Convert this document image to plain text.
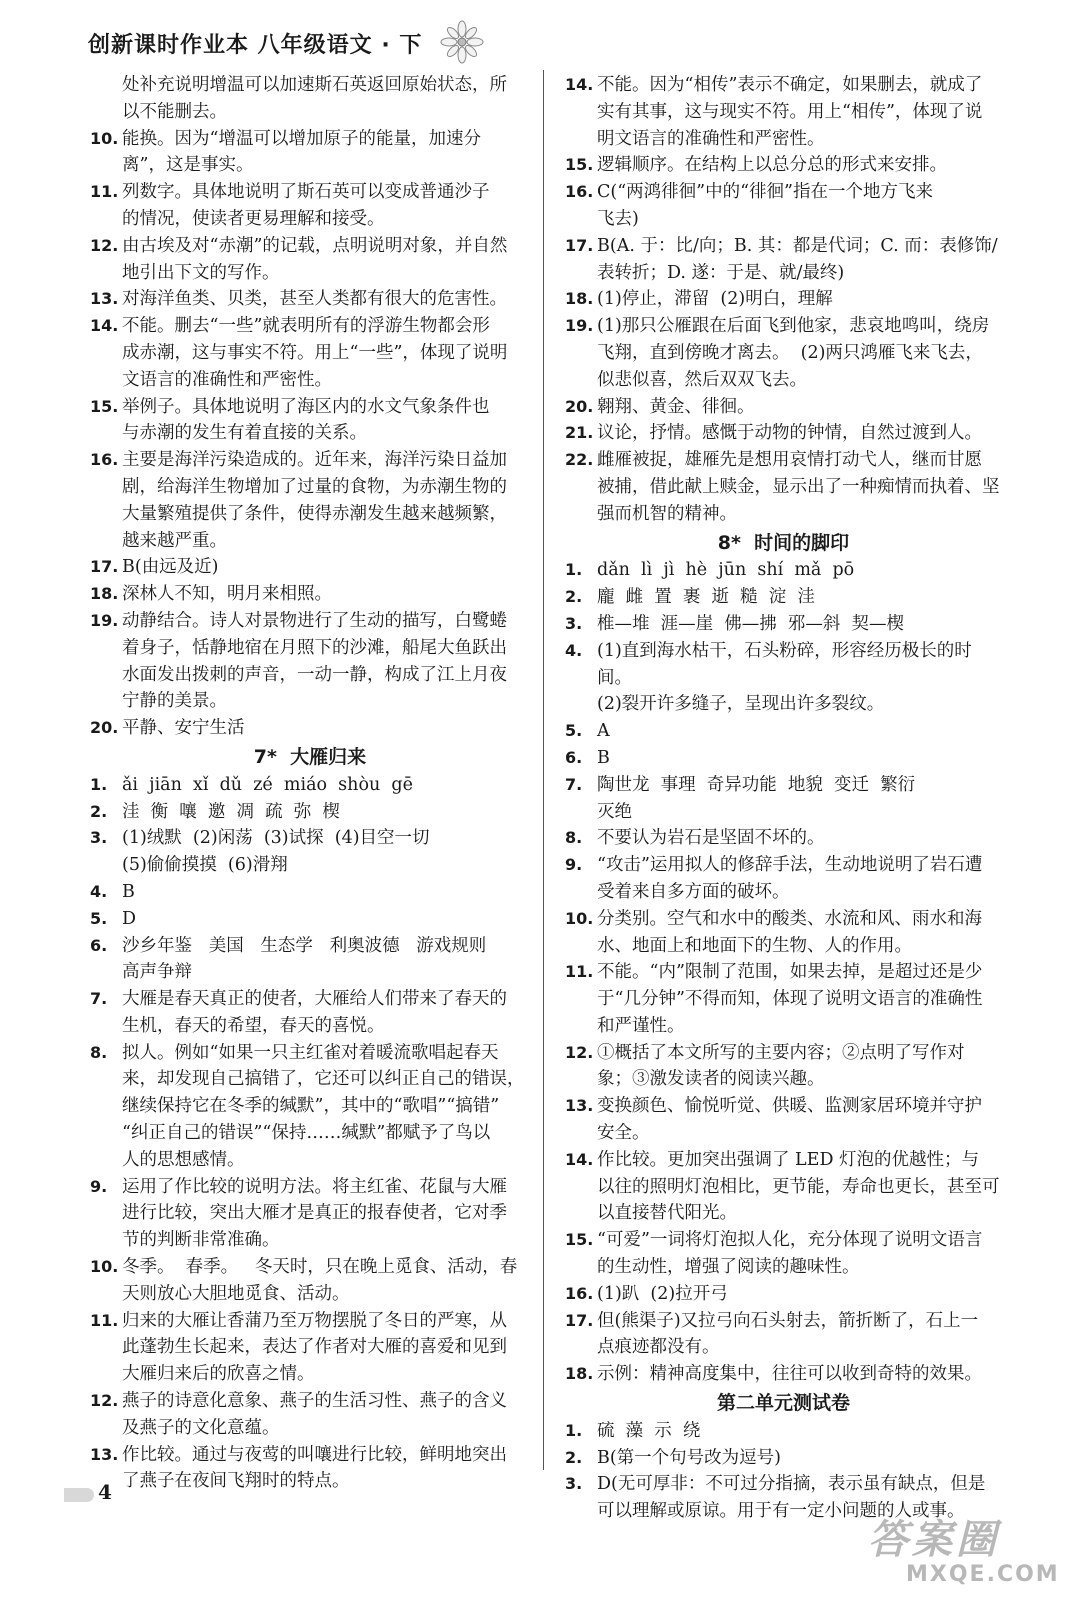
创新课时作业本 八年级语文 · 下
处补充说明增温可以加速斯石英返回原始状态，所
以不能删去。
10. 能换。因为“增温可以增加原子的能量，加速分
离”，这是事实。
11. 列数字。具体地说明了斯石英可以变成普通沙子
的情况，使读者更易理解和接受。
12. 由古埃及对“赤潮”的记载，点明说明对象，并自然
地引出下文的写作。
13. 对海洋鱼类、贝类，甚至人类都有很大的危害性。
14. 不能。删去“一些”就表明所有的浮游生物都会形
成赤潮，这与事实不符。用上“一些”，体现了说明
文语言的准确性和严密性。
15. 举例子。具体地说明了海区内的水文气象条件也
与赤潮的发生有着直接的关系。
16. 主要是海洋污染造成的。近年来，海洋污染日益加
剧，给海洋生物增加了过量的食物，为赤潮生物的
大量繁殖提供了条件，使得赤潮发生越来越频繁，
越来越严重。
17. B(由远及近)
18. 深林人不知，明月来相照。
19. 动静结合。诗人对景物进行了生动的描写，白鹭蜷
着身子，恬静地宿在月照下的沙滩，船尾大鱼跃出
水面发出拨刺的声音，一动一静，构成了江上月夜
宁静的美景。
20. 平静、安宁生活
7*  大雁归来
1. ǎi  jiān  xǐ  dǔ  zé  miáo  shòu  gē
2. 洼  衡  嚷  邀  凋  疏  弥  楔
3. (1)绒默  (2)闲荡  (3)试探  (4)目空一切
(5)偷偷摸摸  (6)滑翔
4. B
5. D
6. 沙乡年鉴   美国   生态学   利奥波德   游戏规则
高声争辩
7. 大雁是春天真正的使者，大雁给人们带来了春天的
生机，春天的希望，春天的喜悦。
8. 拟人。例如“如果一只主红雀对着暖流歌唱起春天
来，却发现自己搞错了，它还可以纠正自己的错误，
继续保持它在冬季的缄默”，其中的“歌唱”“搞错”
“纠正自己的错误”“保持……缄默”都赋予了鸟以
人的思想感情。
9. 运用了作比较的说明方法。将主红雀、花鼠与大雁
进行比较，突出大雁才是真正的报春使者，它对季
节的判断非常准确。
10. 冬季。  春季。   冬天时，只在晚上觅食、活动，春
天则放心大胆地觅食、活动。
11. 归来的大雁让香蒲乃至万物摆脱了冬日的严寒，从
此蓬勃生长起来，表达了作者对大雁的喜爱和见到
大雁归来后的欣喜之情。
12. 燕子的诗意化意象、燕子的生活习性、燕子的含义
及燕子的文化意蕴。
13. 作比较。通过与夜莺的叫嚷进行比较，鲜明地突出
了燕子在夜间飞翔时的特点。
14. 不能。因为“相传”表示不确定，如果删去，就成了
实有其事，这与现实不符。用上“相传”，体现了说
明文语言的准确性和严密性。
15. 逻辑顺序。在结构上以总分总的形式来安排。
16. C(“两鸿徘徊”中的“徘徊”指在一个地方飞来
飞去)
17. B(A. 于：比/向；B. 其：都是代词；C. 而：表修饰/
表转折；D. 遂：于是、就/最终)
18. (1)停止，滞留  (2)明白，理解
19. (1)那只公雁跟在后面飞到他家，悲哀地鸣叫，绕房
飞翔，直到傍晚才离去。  (2)两只鸿雁飞来飞去，
似悲似喜，然后双双飞去。
20. 翱翔、黄金、徘徊。
21. 议论，抒情。感慨于动物的钟情，自然过渡到人。
22. 雌雁被捉，雄雁先是想用哀情打动弋人，继而甘愿
被捕，借此献上赎金，显示出了一种痴情而执着、坚
强而机智的精神。
8*  时间的脚印
1. dǎn  lì  jì  hè  jūn  shí  mǎ  pō
2. 龐  雌  置  裹  逝  糙  淀  洼
3. 椎—堆  涯—崖  佛—拂  邪—斜  契—楔
4. (1)直到海水枯干，石头粉碎，形容经历极长的时间。
(2)裂开许多缝子，呈现出许多裂纹。
5. A
6. B
7. 陶世龙  事理  奇异功能  地貌  变迁  繁衍
灭绝
8. 不要认为岩石是坚固不坏的。
9. “攻击”运用拟人的修辞手法，生动地说明了岩石遭
受着来自多方面的破坏。
10. 分类别。空气和水中的酸类、水流和风、雨水和海
水、地面上和地面下的生物、人的作用。
11. 不能。“内”限制了范围，如果去掉，是超过还是少
于“几分钟”不得而知，体现了说明文语言的准确性
和严谨性。
12. ①概括了本文所写的主要内容；②点明了写作对
象；③激发读者的阅读兴趣。
13. 变换颜色、愉悦听觉、供暖、监测家居环境并守护
安全。
14. 作比较。更加突出强调了 LED 灯泡的优越性；与
以往的照明灯泡相比，更节能，寿命也更长，甚至可
以直接替代阳光。
15. “可爱”一词将灯泡拟人化，充分体现了说明文语言
的生动性，增强了阅读的趣味性。
16. (1)趴  (2)拉开弓
17. 但(熊渠子)又拉弓向石头射去，箭折断了，石上一
点痕迹都没有。
18. 示例：精神高度集中，往往可以收到奇特的效果。
第二单元测试卷
1. 硫  藻  示  绕
2. B(第一个句号改为逗号)
3. D(无可厚非：不可过分指摘，表示虽有缺点，但是
可以理解或原谅。用于有一定小问题的人或事。
4
答案圈
MXQE.COM
